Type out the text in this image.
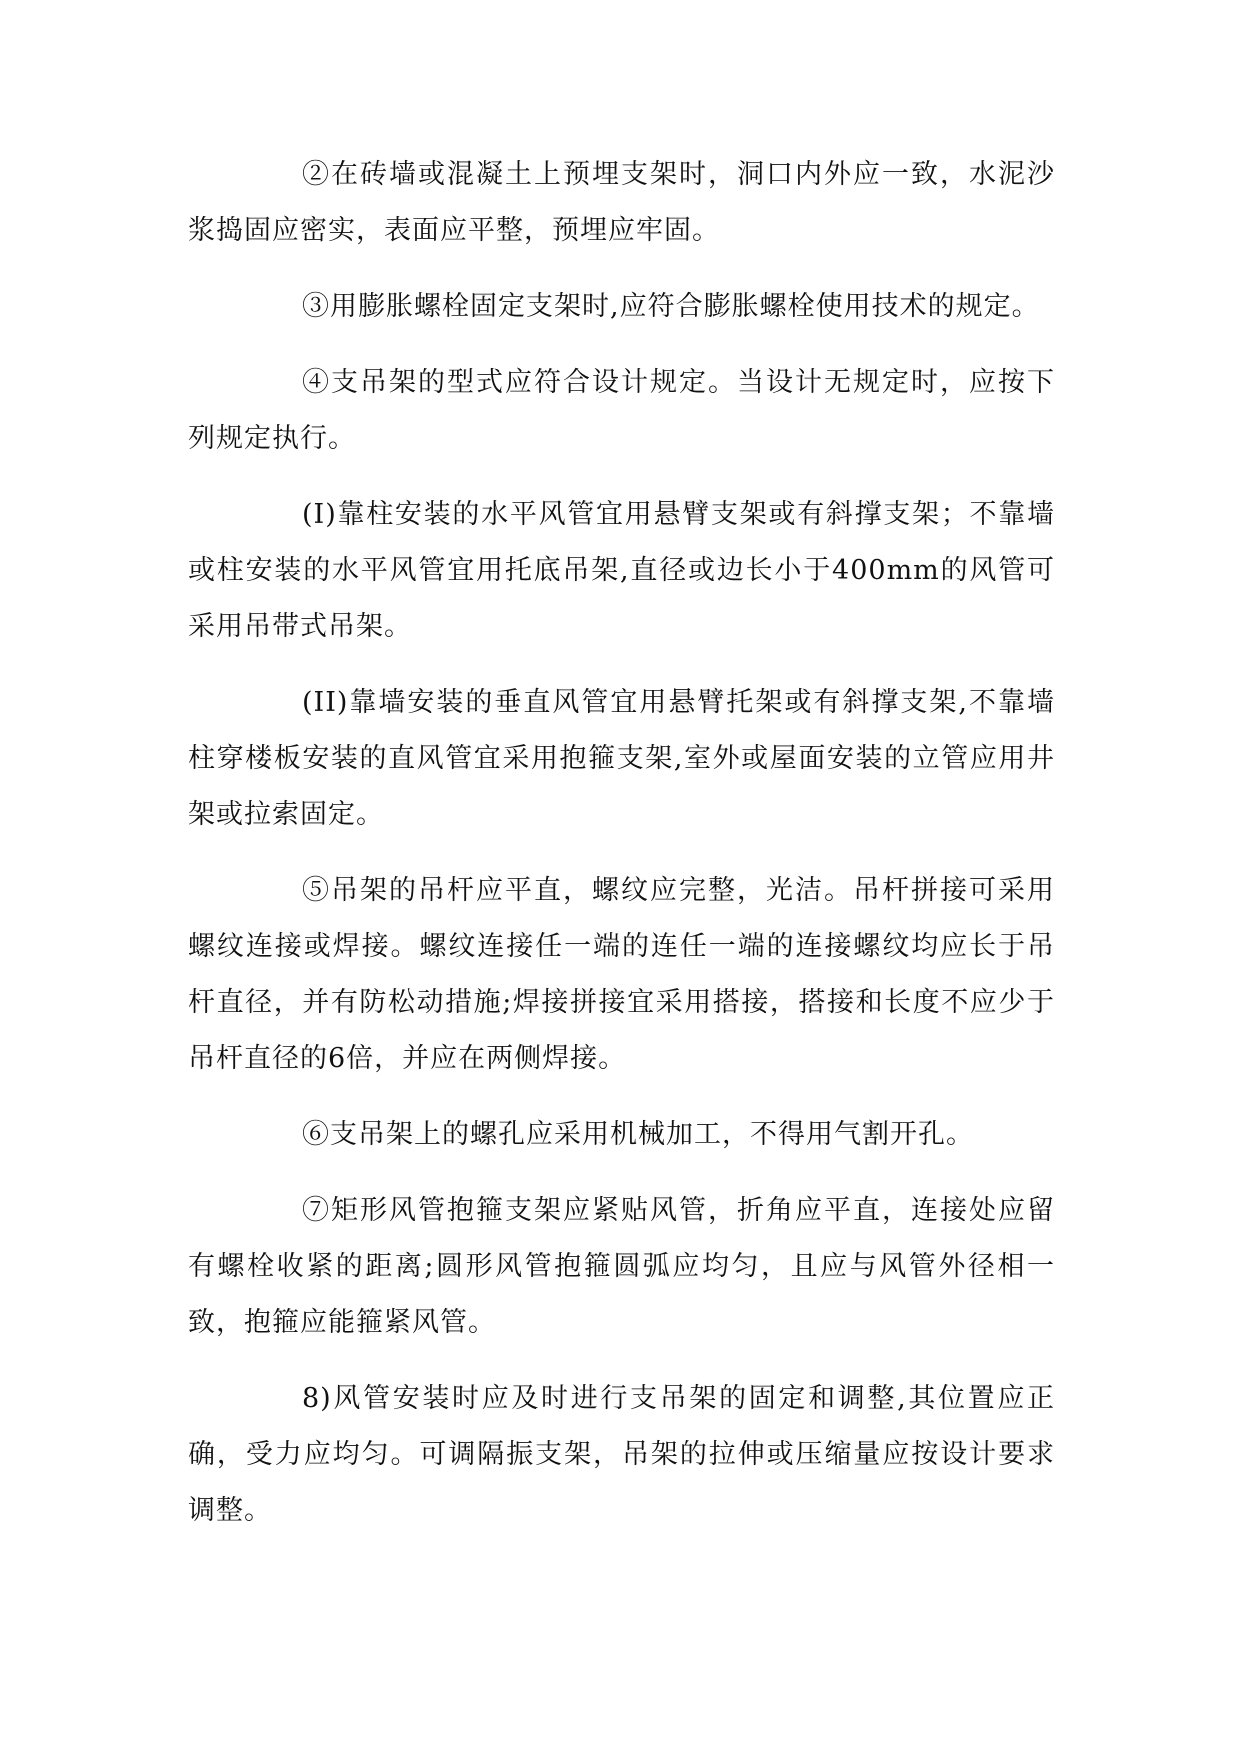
②在砖墙或混凝土上预埋支架时，洞口内外应一致，水泥沙浆捣固应密实，表面应平整，预埋应牢固。

③用膨胀螺栓固定支架时,应符合膨胀螺栓使用技术的规定。

④支吊架的型式应符合设计规定。当设计无规定时，应按下列规定执行。

(I)靠柱安装的水平风管宜用悬臂支架或有斜撑支架；不靠墙或柱安装的水平风管宜用托底吊架,直径或边长小于400mm的风管可采用吊带式吊架。

(II)靠墙安装的垂直风管宜用悬臂托架或有斜撑支架,不靠墙柱穿楼板安装的直风管宜采用抱箍支架,室外或屋面安装的立管应用井架或拉索固定。

⑤吊架的吊杆应平直，螺纹应完整，光洁。吊杆拼接可采用螺纹连接或焊接。螺纹连接任一端的连任一端的连接螺纹均应长于吊杆直径，并有防松动措施;焊接拼接宜采用搭接，搭接和长度不应少于吊杆直径的6倍，并应在两侧焊接。

⑥支吊架上的螺孔应采用机械加工，不得用气割开孔。

⑦矩形风管抱箍支架应紧贴风管，折角应平直，连接处应留有螺栓收紧的距离;圆形风管抱箍圆弧应均匀，且应与风管外径相一致，抱箍应能箍紧风管。

8)风管安装时应及时进行支吊架的固定和调整,其位置应正确，受力应均匀。可调隔振支架，吊架的拉伸或压缩量应按设计要求调整。
